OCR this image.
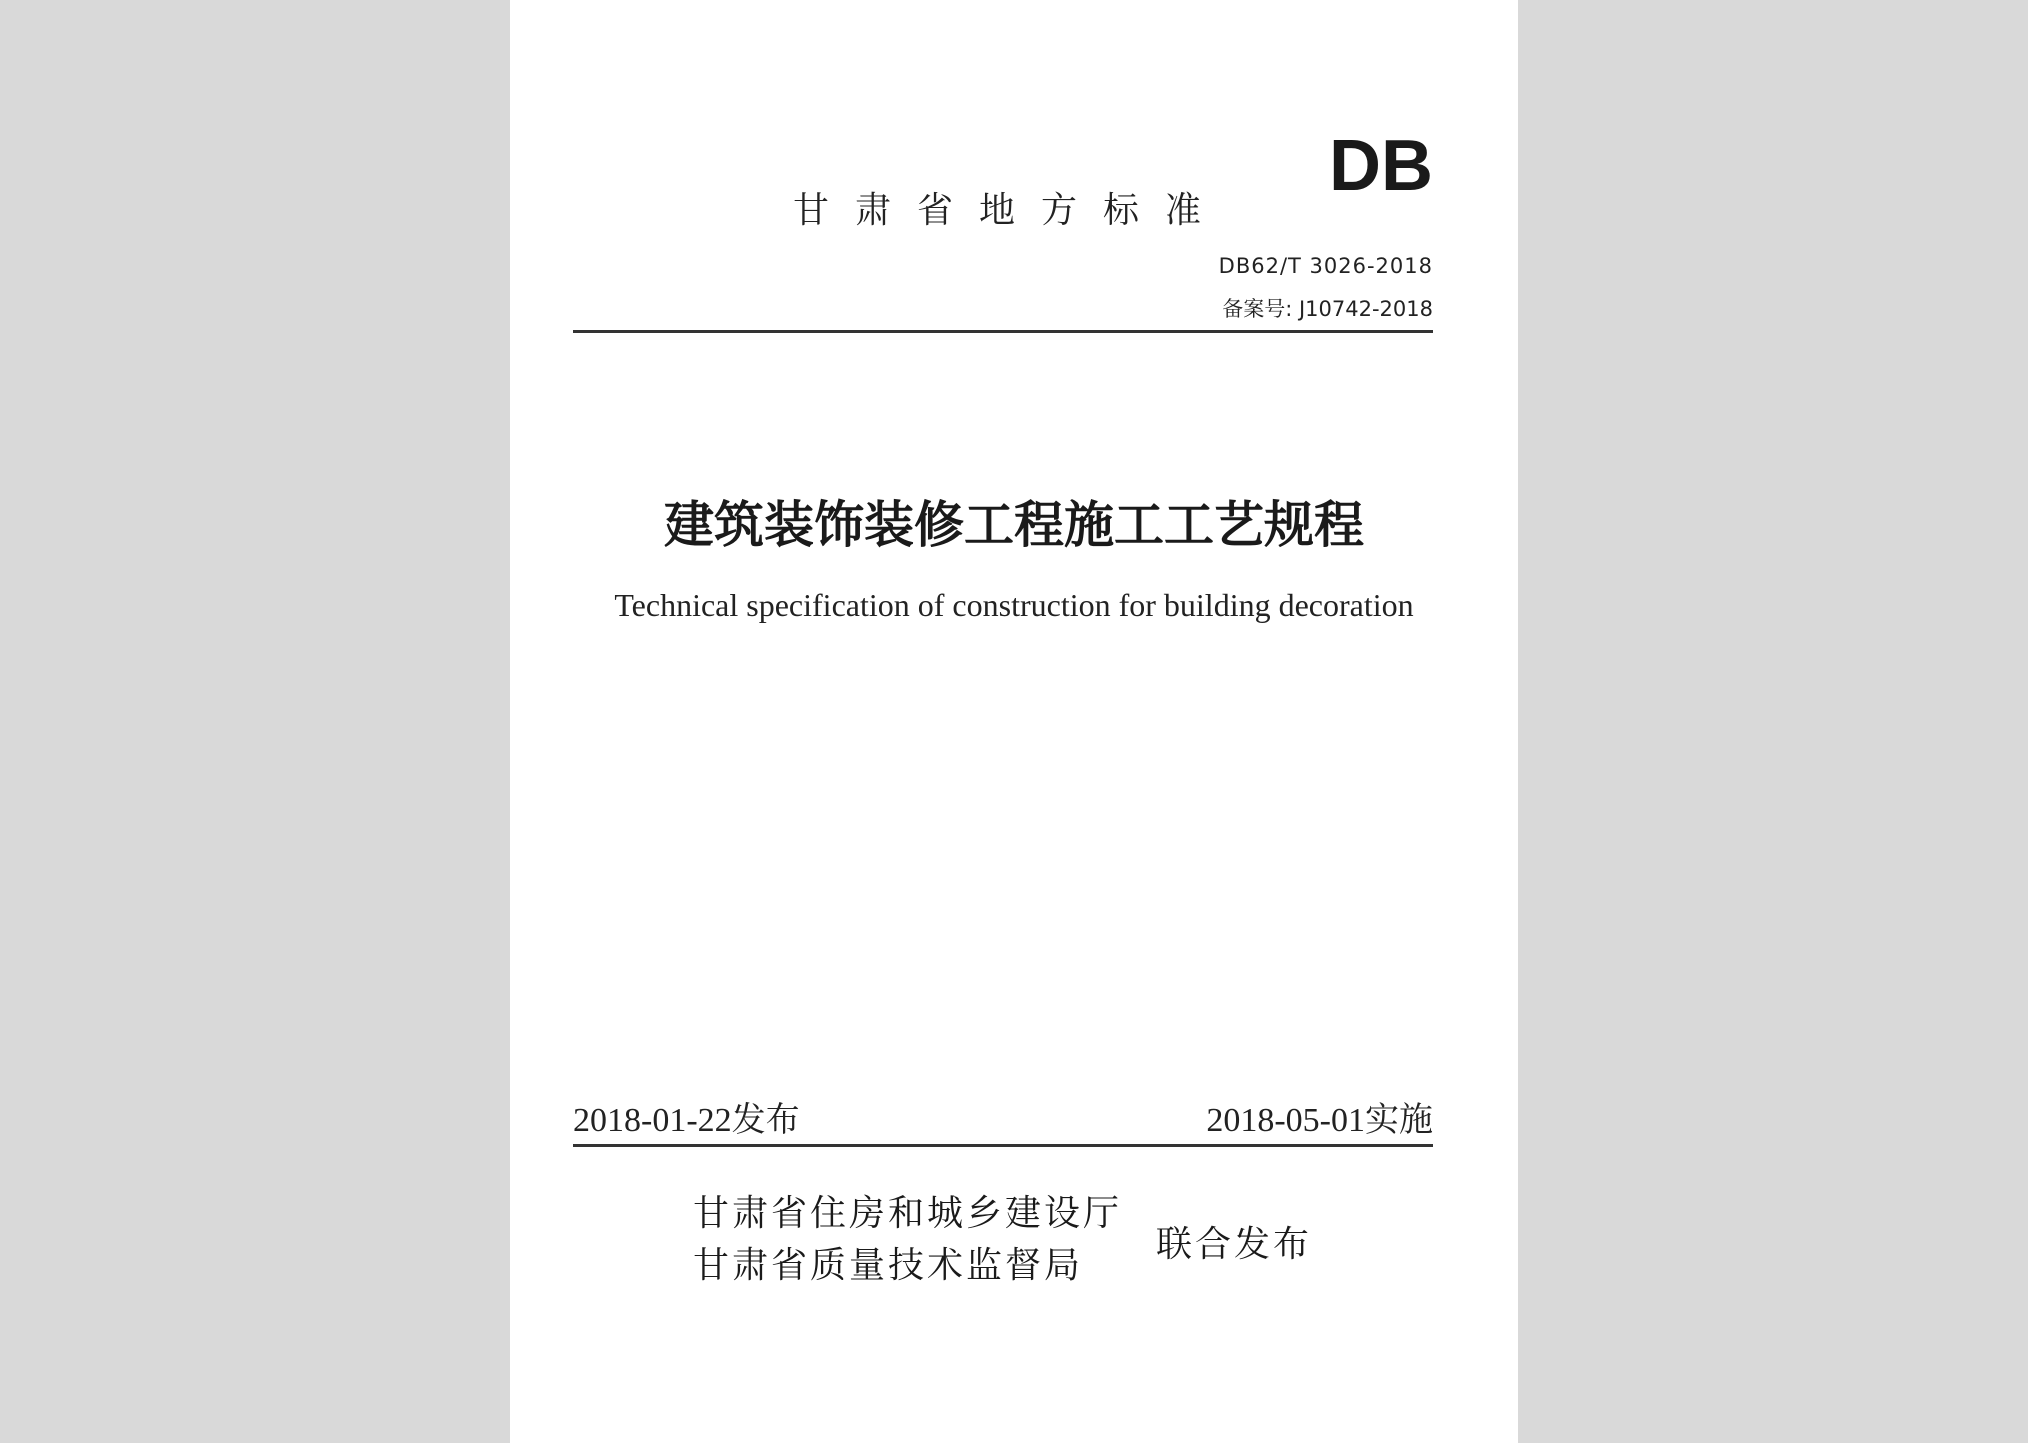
甘肃省地方标准
DB
DB62/T 3026-2018
备案号: J10742-2018
建筑装饰装修工程施工工艺规程
Technical specification of construction for building decoration
2018-01-22发布	2018-05-01实施
甘肃省住房和城乡建设厅
甘肃省质量技术监督局
联合发布
